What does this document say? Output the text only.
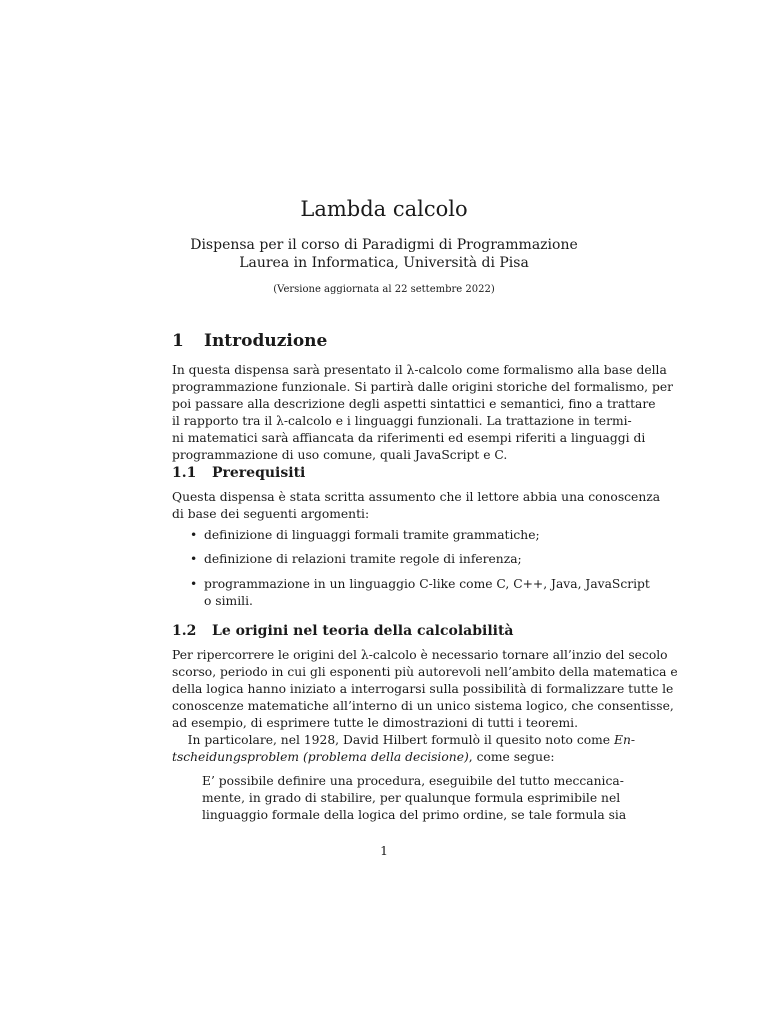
Lambda calcolo
Dispensa per il corso di Paradigmi di Programmazione
Laurea in Informatica, Università di Pisa
(Versione aggiornata al 22 settembre 2022)
1 Introduzione
In questa dispensa sarà presentato il λ-calcolo come formalismo alla base della
programmazione funzionale. Si partirà dalle origini storiche del formalismo, per
poi passare alla descrizione degli aspetti sintattici e semantici, fino a trattare
il rapporto tra il λ-calcolo e i linguaggi funzionali. La trattazione in termi-
ni matematici sarà affiancata da riferimenti ed esempi riferiti a linguaggi di
programmazione di uso comune, quali JavaScript e C.
1.1 Prerequisiti
Questa dispensa è stata scritta assumento che il lettore abbia una conoscenza
di base dei seguenti argomenti:
• definizione di linguaggi formali tramite grammatiche;
• definizione di relazioni tramite regole di inferenza;
• programmazione in un linguaggio C-like come C, C++, Java, JavaScript
o simili.
1.2 Le origini nel teoria della calcolabilità
Per ripercorrere le origini del λ-calcolo è necessario tornare all’inzio del secolo
scorso, periodo in cui gli esponenti più autorevoli nell’ambito della matematica e
della logica hanno iniziato a interrogarsi sulla possibilità di formalizzare tutte le
conoscenze matematiche all’interno di un unico sistema logico, che consentisse,
ad esempio, di esprimere tutte le dimostrazioni di tutti i teoremi.
In particolare, nel 1928, David Hilbert formulò il quesito noto come En-
tscheidungsproblem (problema della decisione), come segue:
E’ possibile definire una procedura, eseguibile del tutto meccanica-
mente, in grado di stabilire, per qualunque formula esprimibile nel
linguaggio formale della logica del primo ordine, se tale formula sia
1
